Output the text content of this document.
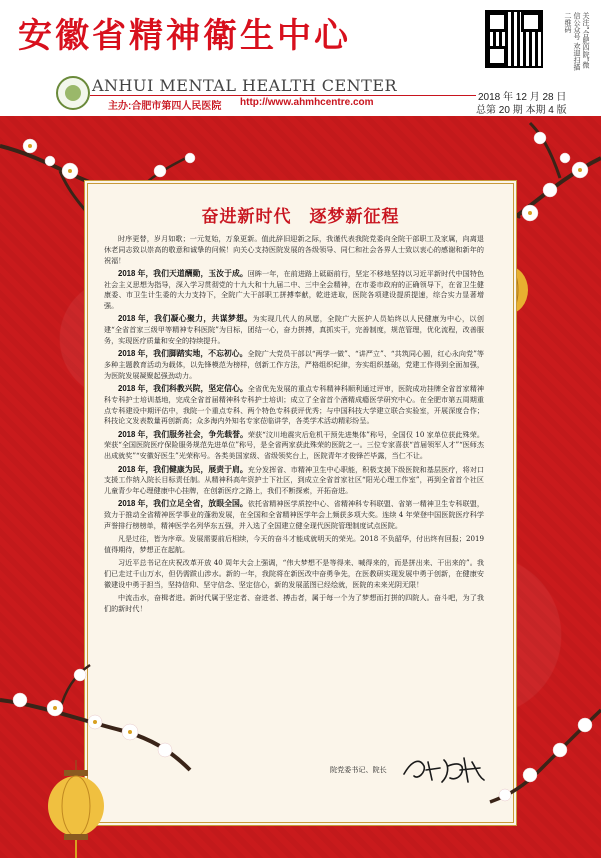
安徽省精神衛生中心
ANHUI MENTAL HEALTH CENTER
主办:合肥市第四人民医院 http://www.ahmhcentre.com
关注“合肥四院”微信公众号 欢迎扫描二维码
2018 年 12 月 28 日
总第 20 期 本期 4 版
奋进新时代　逐梦新征程

时序更替，岁月如歌；一元复始，万象更新。值此辞旧迎新之际，我谨代表我院党委向全院干部职工及家属，向离退休老同志致以崇高的敬意和诚挚的问候！向关心支持医院发展的各级领导、同仁和社会各界人士致以衷心的感谢和新年的祝福！

2018 年，我们天道酬勤，玉汝于成。回眸一年，在前进路上砥砺前行，坚定不移地坚持以习近平新时代中国特色社会主义思想为指导，深入学习贯彻党的十九大和十九届二中、三中全会精神，在市委市政府的正确领导下，在省卫生健康委、市卫生计生委的大力支持下，全院广大干部职工拼搏奉献，乾进进取，医院各项建设提质提速，综合实力显著增强。

2018 年，我们凝心聚力，共谋梦想。为实现几代人的夙愿，全院广大医护人员始终以人民健康为中心，以创建“全省首家三级甲等精神专科医院”为目标，团结一心，奋力拼搏，真抓实干，完善制度，规范管理，优化流程，改善服务，实现医疗质量和安全的持续提升。

2018 年，我们脚踏实地，不忘初心。全院广大党员干部以“两学一做”、“讲严立”、“共筑同心圆，红心永向党”等多种主题教育活动为载体，以先锋模范为榜样，创新工作方法，严格组织纪律，夯实组织基础，党建工作得到全面加强，为医院发展凝聚起强劲动力。

2018 年，我们科教兴院，坚定信心。全省优先发展的重点专科精神科顺利通过评审，医院成功挂牌全省首家精神科专科护士培训基地，完成全省首届精神科专科护士培训；成立了全省首个酒精成瘾医学研究中心。在全肥市第五周期重点专科建设中期评估中，我院一个重点专科、两个特色专科获评优秀；与中国科技大学建立联合实验室，开展深度合作；科技论文发表数量再创新高；众多海内外知名专家莅临讲学，各类学术活动精彩纷呈。

2018 年，我们服务社会，争先载誉。荣获“汶川地震灾后危机干预先进集体”称号，全国仅 10 家单位获此殊荣。荣获“全国医院医疗保险服务规范先进单位”称号，是全省两家获此殊荣的医院之一。三位专家喜获“首届领军人才”“医师杰出成就奖”“安徽好医生”光荣称号。各类美国家级、省级领奖台上，医院青年才俊锋芒毕露，当仁不让。

2018 年，我们健康为民，展责于肩。充分发挥省、市精神卫生中心职能，积极支援下级医院和基层医疗，将对口支援工作纳入院长目标责任制。从精神科高年资护士下社区，到成立全省首家社区“阳光心理工作室”，再到全省首个社区儿童青少年心理健康中心挂牌，在创新医疗之路上，我们不断探索，开拓奋进。

2018 年，我们立足全省，放眼全国。依托省精神医学质控中心、省精神科专科联盟、省第一精神卫生专科联盟，致力于推动全省精神医学事业的蓬勃发展，在全国和全省精神医学年会上频获多项大奖。连续 4 年荣登中国医院医疗科学声誉排行榜榜单，精神医学名列华东五强，并入选了全国建立健全现代医院管理制度试点医院。

凡是过往，皆为序章。发展需要前后相续，今天的奋斗才能成就明天的荣光。2018 不负韶华，付出终有回报；2019 值得期待，梦想正在起航。

习近平总书记在庆祝改革开放 40 周年大会上强调，“伟大梦想不是等得来、喊得来的，而是拼出来、干出来的”。我们已走过千山万水，但仍需跋山涉水。新的一年，我院将在新医改中奋勇争先，在医教研实现发展中勇于创新，在健康安徽建设中勇于担当，坚持信仰、坚守信念、坚定信心，新的发展蓝图已经绘就，医院的未来光阴无限！

中流击水，奋楫者进。新时代属于坚定者、奋进者、搏击者，属于每一个为了梦想而打拼的四院人。奋斗吧，为了我们的新时代！

院党委书记、院长
